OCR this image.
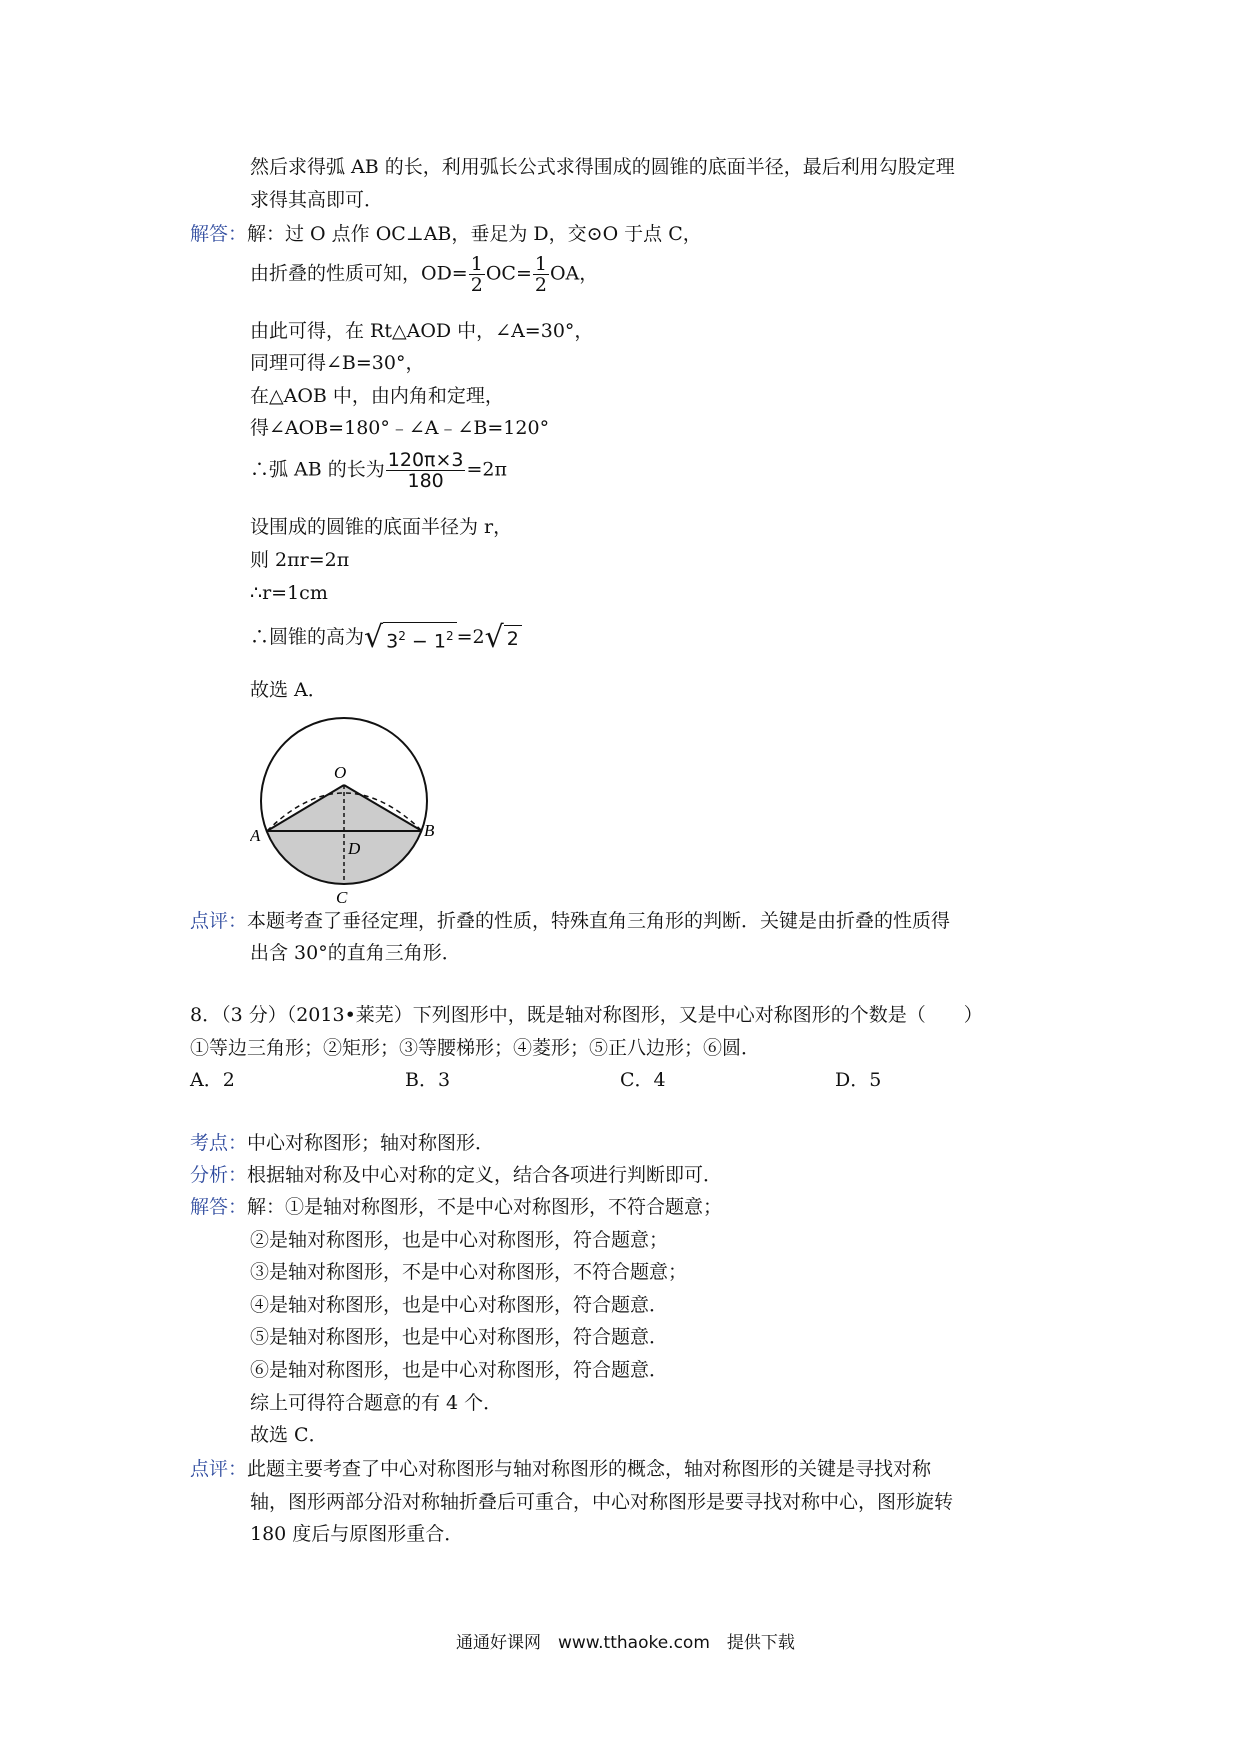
然后求得弧 AB 的长，利用弧长公式求得围成的圆锥的底面半径，最后利用勾股定理
求得其高即可．
解答：解：过 O 点作 OC⊥AB，垂足为 D，交⊙O 于点 C，
由折叠的性质可知，$OD= \frac{1}{2} OC= \frac{1}{2}$ OA，
由此可得，在 Rt△AOD 中，∠A=30°，
同理可得∠B=30°，
在△AOB 中，由内角和定理，
得∠AOB=180°﹣∠A﹣∠B=120°
∴弧 AB 的长为 $\frac{120\pi\times 3}{180} =2\pi$
设围成的圆锥的底面半径为 r，
则 2πr=2π
∴r=1cm
∴圆锥的高为√ $3^2 - 1^2 =2√$ 2
故选 A．
O
A	B
D
C
点评：本题考查了垂径定理，折叠的性质，特殊直角三角形的判断．关键是由折叠的性质得
出含 30°的直角三角形．
8．（3 分）（2013•莱芜）下列图形中，既是轴对称图形，又是中心对称图形的个数是（　　）
①等边三角形；②矩形；③等腰梯形；④菱形；⑤正八边形；⑥圆．
A．2	B．3	C．4	D．5
考点：中心对称图形；轴对称图形．
分析：根据轴对称及中心对称的定义，结合各项进行判断即可．
解答：解：①是轴对称图形，不是中心对称图形，不符合题意；
②是轴对称图形，也是中心对称图形，符合题意；
③是轴对称图形，不是中心对称图形，不符合题意；
④是轴对称图形，也是中心对称图形，符合题意．
⑤是轴对称图形，也是中心对称图形，符合题意．
⑥是轴对称图形，也是中心对称图形，符合题意．
综上可得符合题意的有 4 个．
故选 C．
点评：此题主要考查了中心对称图形与轴对称图形的概念，轴对称图形的关键是寻找对称
轴，图形两部分沿对称轴折叠后可重合，中心对称图形是要寻找对称中心，图形旋转
180 度后与原图形重合．
通通好课网　www.tthaoke.com　提供下载
